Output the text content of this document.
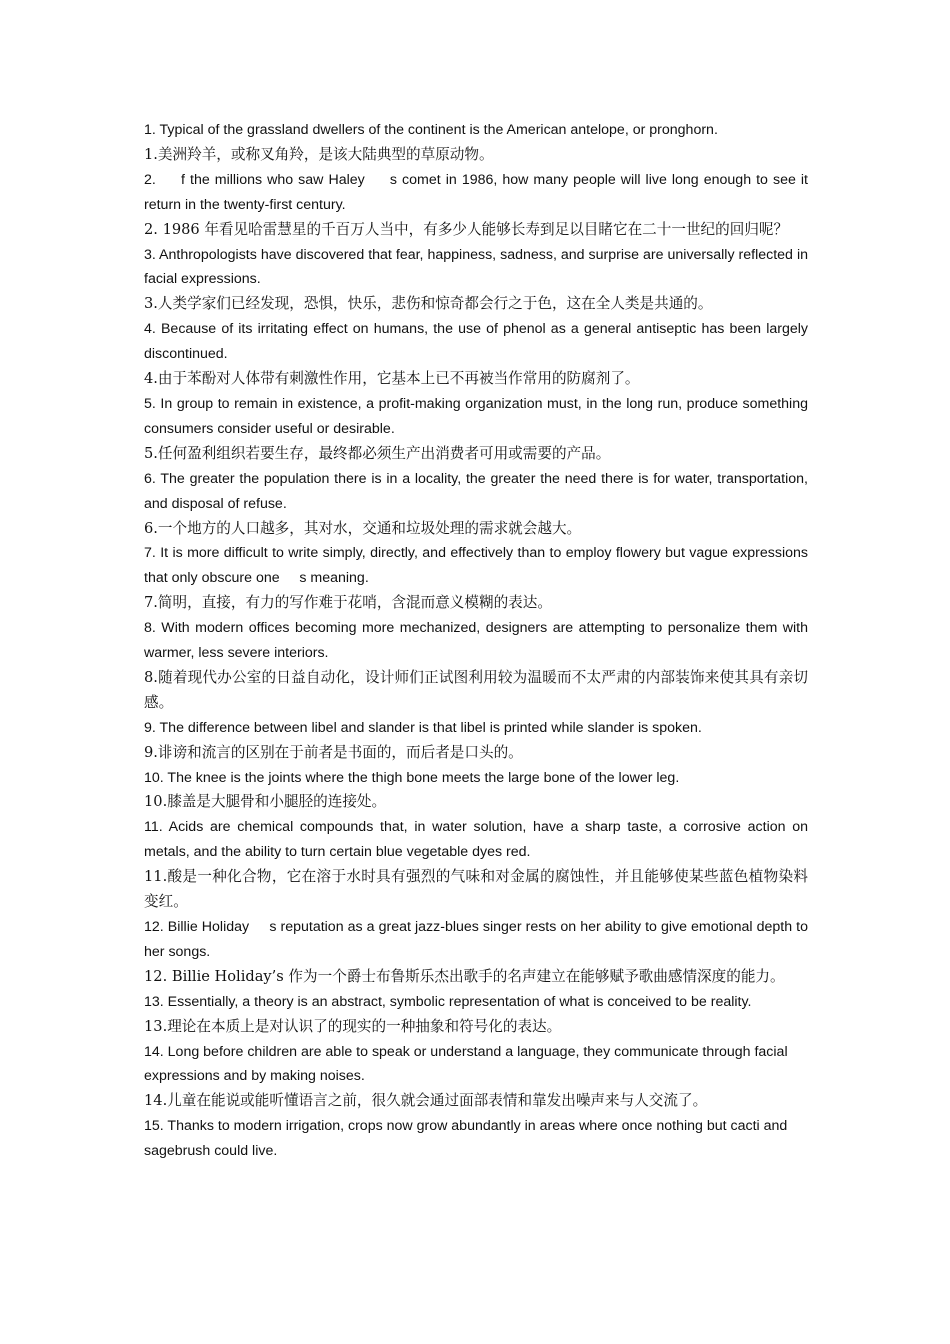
1. Typical of the grassland dwellers of the continent is the American antelope, or pronghorn.

1.美洲羚羊，或称叉角羚，是该大陆典型的草原动物。

2.     f the millions who saw Haley     s comet in 1986, how many people will live long enough to see it return in the twenty-first century.

2. 1986 年看见哈雷慧星的千百万人当中，有多少人能够长寿到足以目睹它在二十一世纪的回归呢？

3. Anthropologists have discovered that fear, happiness, sadness, and surprise are universally reflected in facial expressions.

3.人类学家们已经发现，恐惧，快乐，悲伤和惊奇都会行之于色，这在全人类是共通的。

4. Because of its irritating effect on humans, the use of phenol as a general antiseptic has been largely discontinued.

4.由于苯酚对人体带有刺激性作用，它基本上已不再被当作常用的防腐剂了。

5. In group to remain in existence, a profit-making organization must, in the long run, produce something consumers consider useful or desirable.

5.任何盈利组织若要生存，最终都必须生产出消费者可用或需要的产品。

6. The greater the population there is in a locality, the greater the need there is for water, transportation, and disposal of refuse.

6.一个地方的人口越多，其对水，交通和垃圾处理的需求就会越大。

7. It is more difficult to write simply, directly, and effectively than to employ flowery but vague expressions that only obscure one     s meaning.

7.简明，直接，有力的写作难于花哨，含混而意义模糊的表达。

8. With modern offices becoming more mechanized, designers are attempting to personalize them with warmer, less severe interiors.

8.随着现代办公室的日益自动化，设计师们正试图利用较为温暖而不太严肃的内部装饰来使其具有亲切感。

9. The difference between libel and slander is that libel is printed while slander is spoken.

9.诽谤和流言的区别在于前者是书面的，而后者是口头的。

10. The knee is the joints where the thigh bone meets the large bone of the lower leg.

10.膝盖是大腿骨和小腿胫的连接处。

11. Acids are chemical compounds that, in water solution, have a sharp taste, a corrosive action on metals, and the ability to turn certain blue vegetable dyes red.

11.酸是一种化合物，它在溶于水时具有强烈的气味和对金属的腐蚀性，并且能够使某些蓝色植物染料变红。

12. Billie Holiday     s reputation as a great jazz-blues singer rests on her ability to give emotional depth to her songs.

12. Billie Holiday’s 作为一个爵士布鲁斯乐杰出歌手的名声建立在能够赋予歌曲感情深度的能力。

13. Essentially, a theory is an abstract, symbolic representation of what is conceived to be reality.

13.理论在本质上是对认识了的现实的一种抽象和符号化的表达。

14. Long before children are able to speak or understand a language, they communicate through facial expressions and by making noises.

14.儿童在能说或能听懂语言之前，很久就会通过面部表情和靠发出噪声来与人交流了。

15. Thanks to modern irrigation, crops now grow abundantly in areas where once nothing but cacti and sagebrush could live.
